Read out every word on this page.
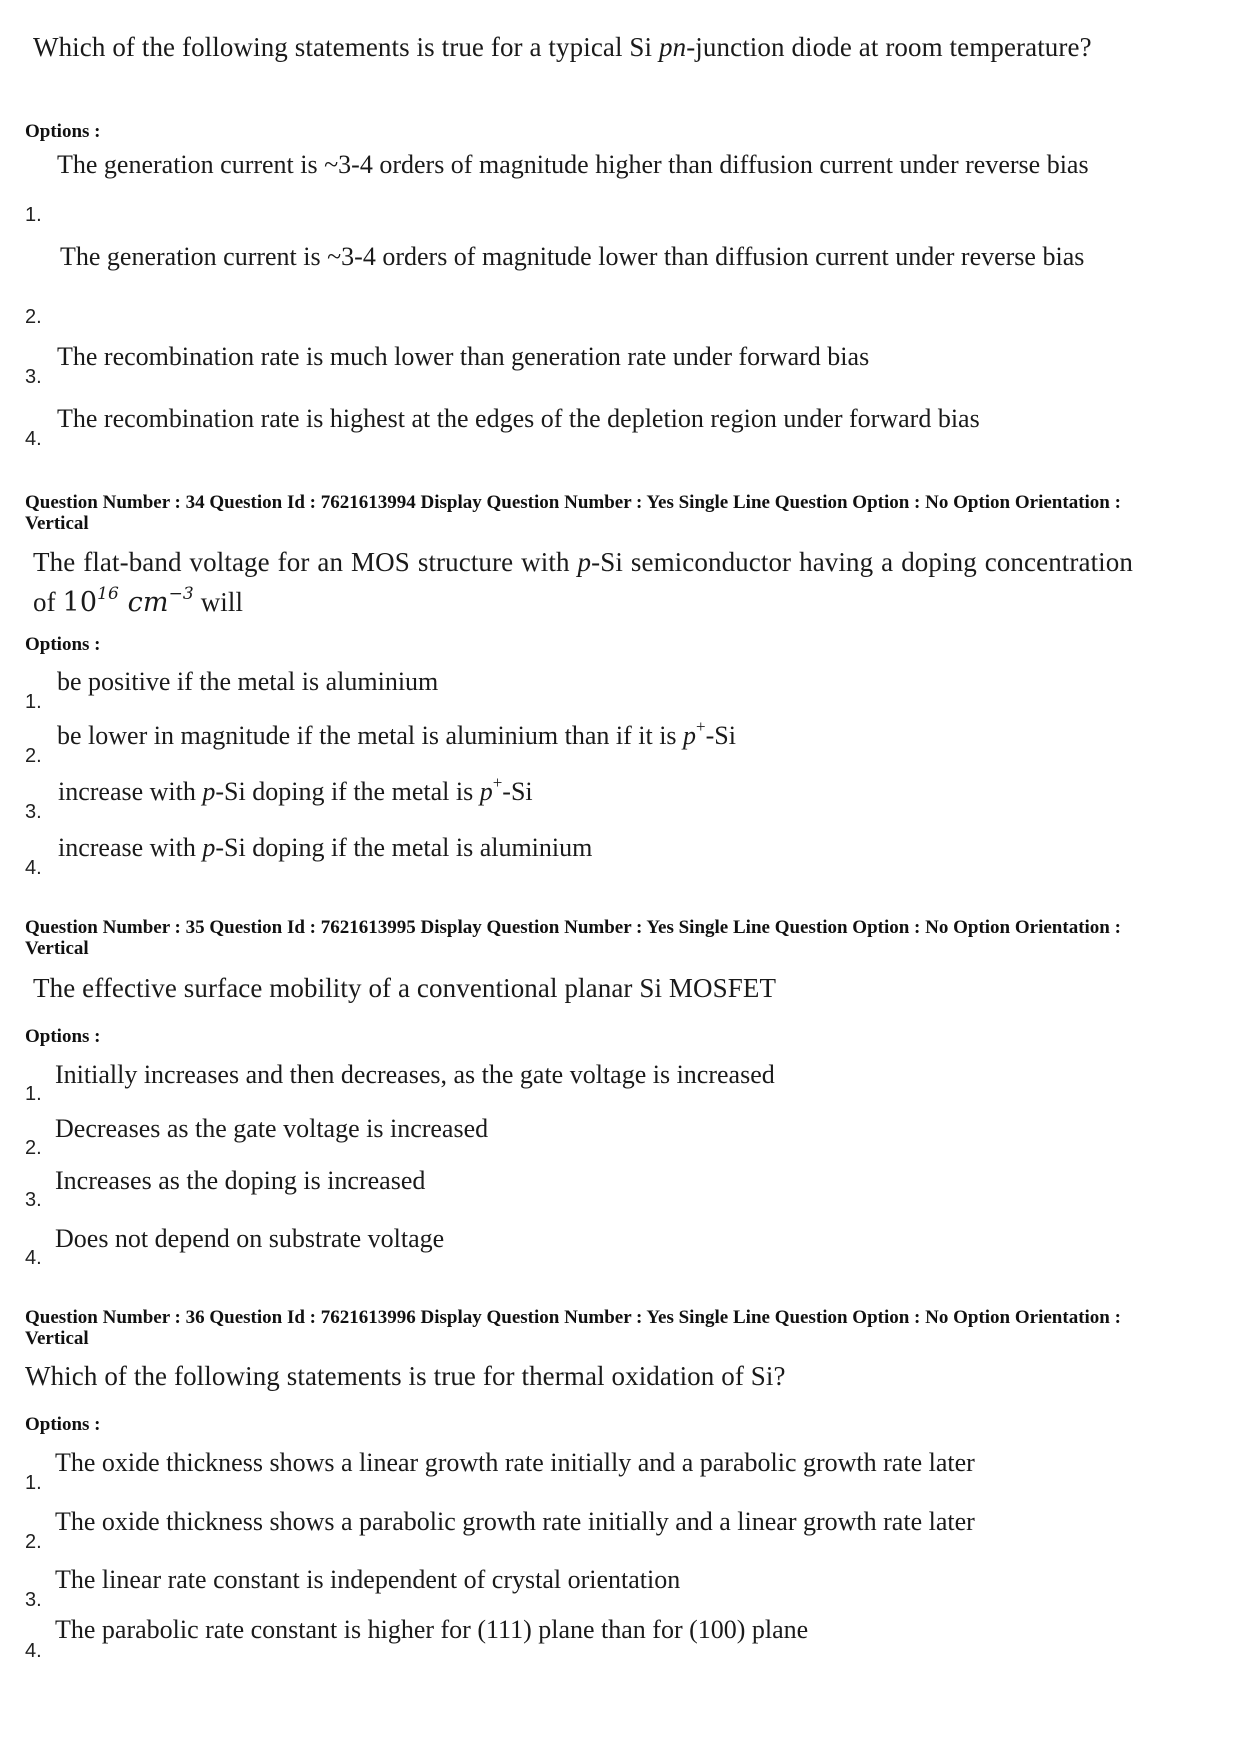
Which of the following statements is true for a typical Si pn-junction diode at room temperature?
Options :
The generation current is ~3-4 orders of magnitude higher than diffusion current under reverse bias
1.
The generation current is ~3-4 orders of magnitude lower than diffusion current under reverse bias
2.
The recombination rate is much lower than generation rate under forward bias
3.
The recombination rate is highest at the edges of the depletion region under forward bias
4.
Question Number : 34 Question Id : 7621613994 Display Question Number : Yes Single Line Question Option : No Option Orientation : Vertical
The flat-band voltage for an MOS structure with p-Si semiconductor having a doping concentration of $10^{16}$ $cm^{-3}$ will
Options :
be positive if the metal is aluminium
1.
be lower in magnitude if the metal is aluminium than if it is p+-Si
2.
increase with p-Si doping if the metal is p+-Si
3.
increase with p-Si doping if the metal is aluminium
4.
Question Number : 35 Question Id : 7621613995 Display Question Number : Yes Single Line Question Option : No Option Orientation : Vertical
The effective surface mobility of a conventional planar Si MOSFET
Options :
Initially increases and then decreases, as the gate voltage is increased
1.
Decreases as the gate voltage is increased
2.
Increases as the doping is increased
3.
Does not depend on substrate voltage
4.
Question Number : 36 Question Id : 7621613996 Display Question Number : Yes Single Line Question Option : No Option Orientation : Vertical
Which of the following statements is true for thermal oxidation of Si?
Options :
The oxide thickness shows a linear growth rate initially and a parabolic growth rate later
1.
The oxide thickness shows a parabolic growth rate initially and a linear growth rate later
2.
The linear rate constant is independent of crystal orientation
3.
The parabolic rate constant is higher for (111) plane than for (100) plane
4.
